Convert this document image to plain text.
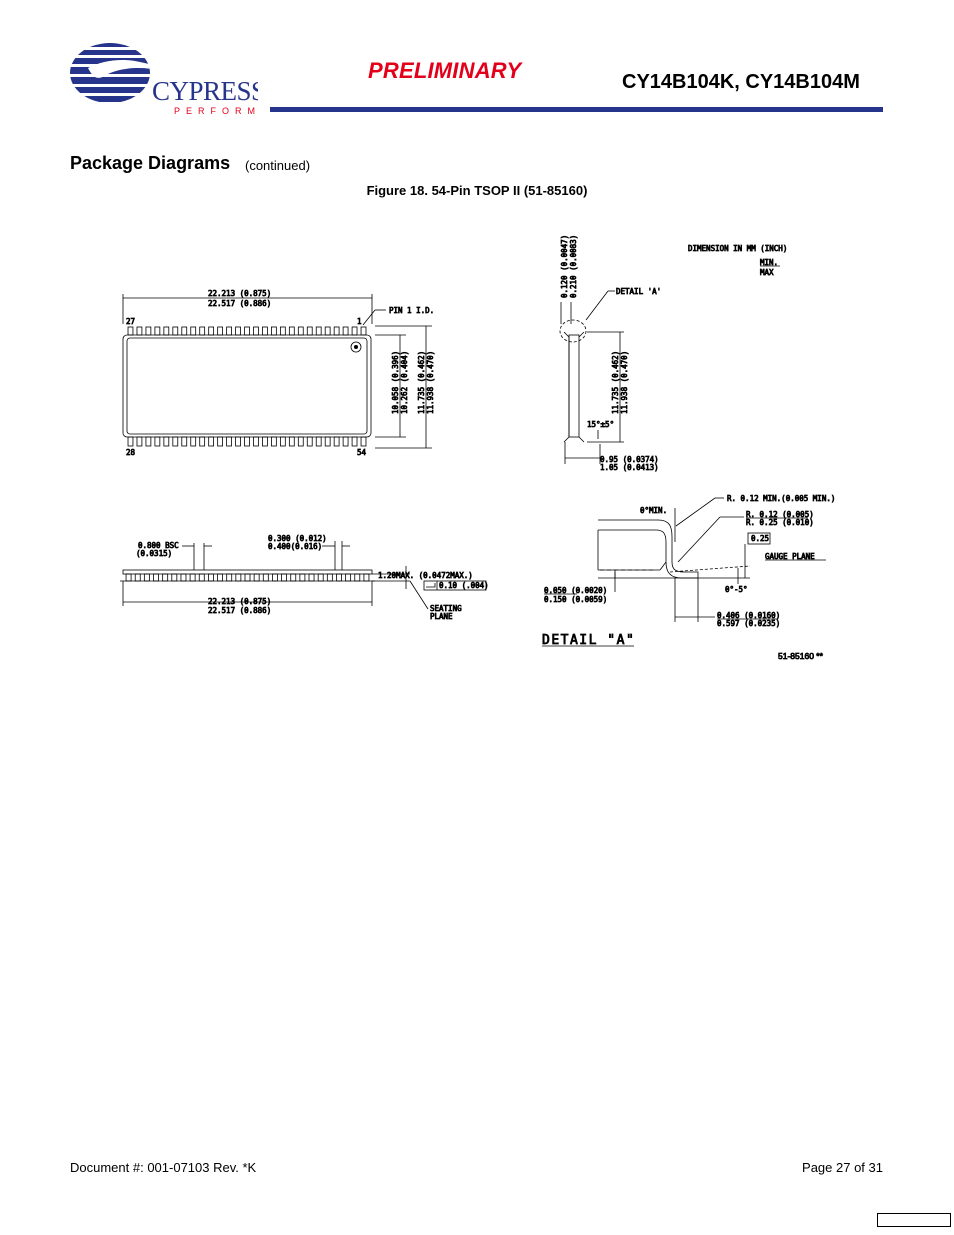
CYPRESS
PERFORM
PRELIMINARY	CY14B104K, CY14B104M
Package Diagrams (continued)
Figure 18. 54-Pin TSOP II (51-85160)
22.213 (0.875)
22.517 (0.886)
PIN 1 I.D.
27	1
28	54
10.058 (0.396) 10.262 (0.404) 11.735 (0.462) 11.938 (0.470)
DIMENSION IN MM (INCH)
MIN.
MAX
0.120 (0.0047) 0.210 (0.0083)	DETAIL 'A'
11.735 (0.462) 11.938 (0.470)
15°±5°
0.95 (0.0374)
1.05 (0.0413)
0.800 BSC
(0.0315)
0.300 (0.012)
0.400(0.016)
1.20MAX. (0.0472MAX.)
0.10 (.004)
SEATING
PLANE
22.213 (0.875)
22.517 (0.886)
0°MIN.
R. 0.12 MIN.(0.005 MIN.)
R. 0.12 (0.005)
R. 0.25 (0.010)
0.25
GAUGE PLANE
0°-5°
0.050 (0.0020)
0.150 (0.0059)
0.406 (0.0160)
0.597 (0.0235)
DETAIL "A"
51-85160 **
Document #: 001-07103 Rev. *K	Page 27 of 31
